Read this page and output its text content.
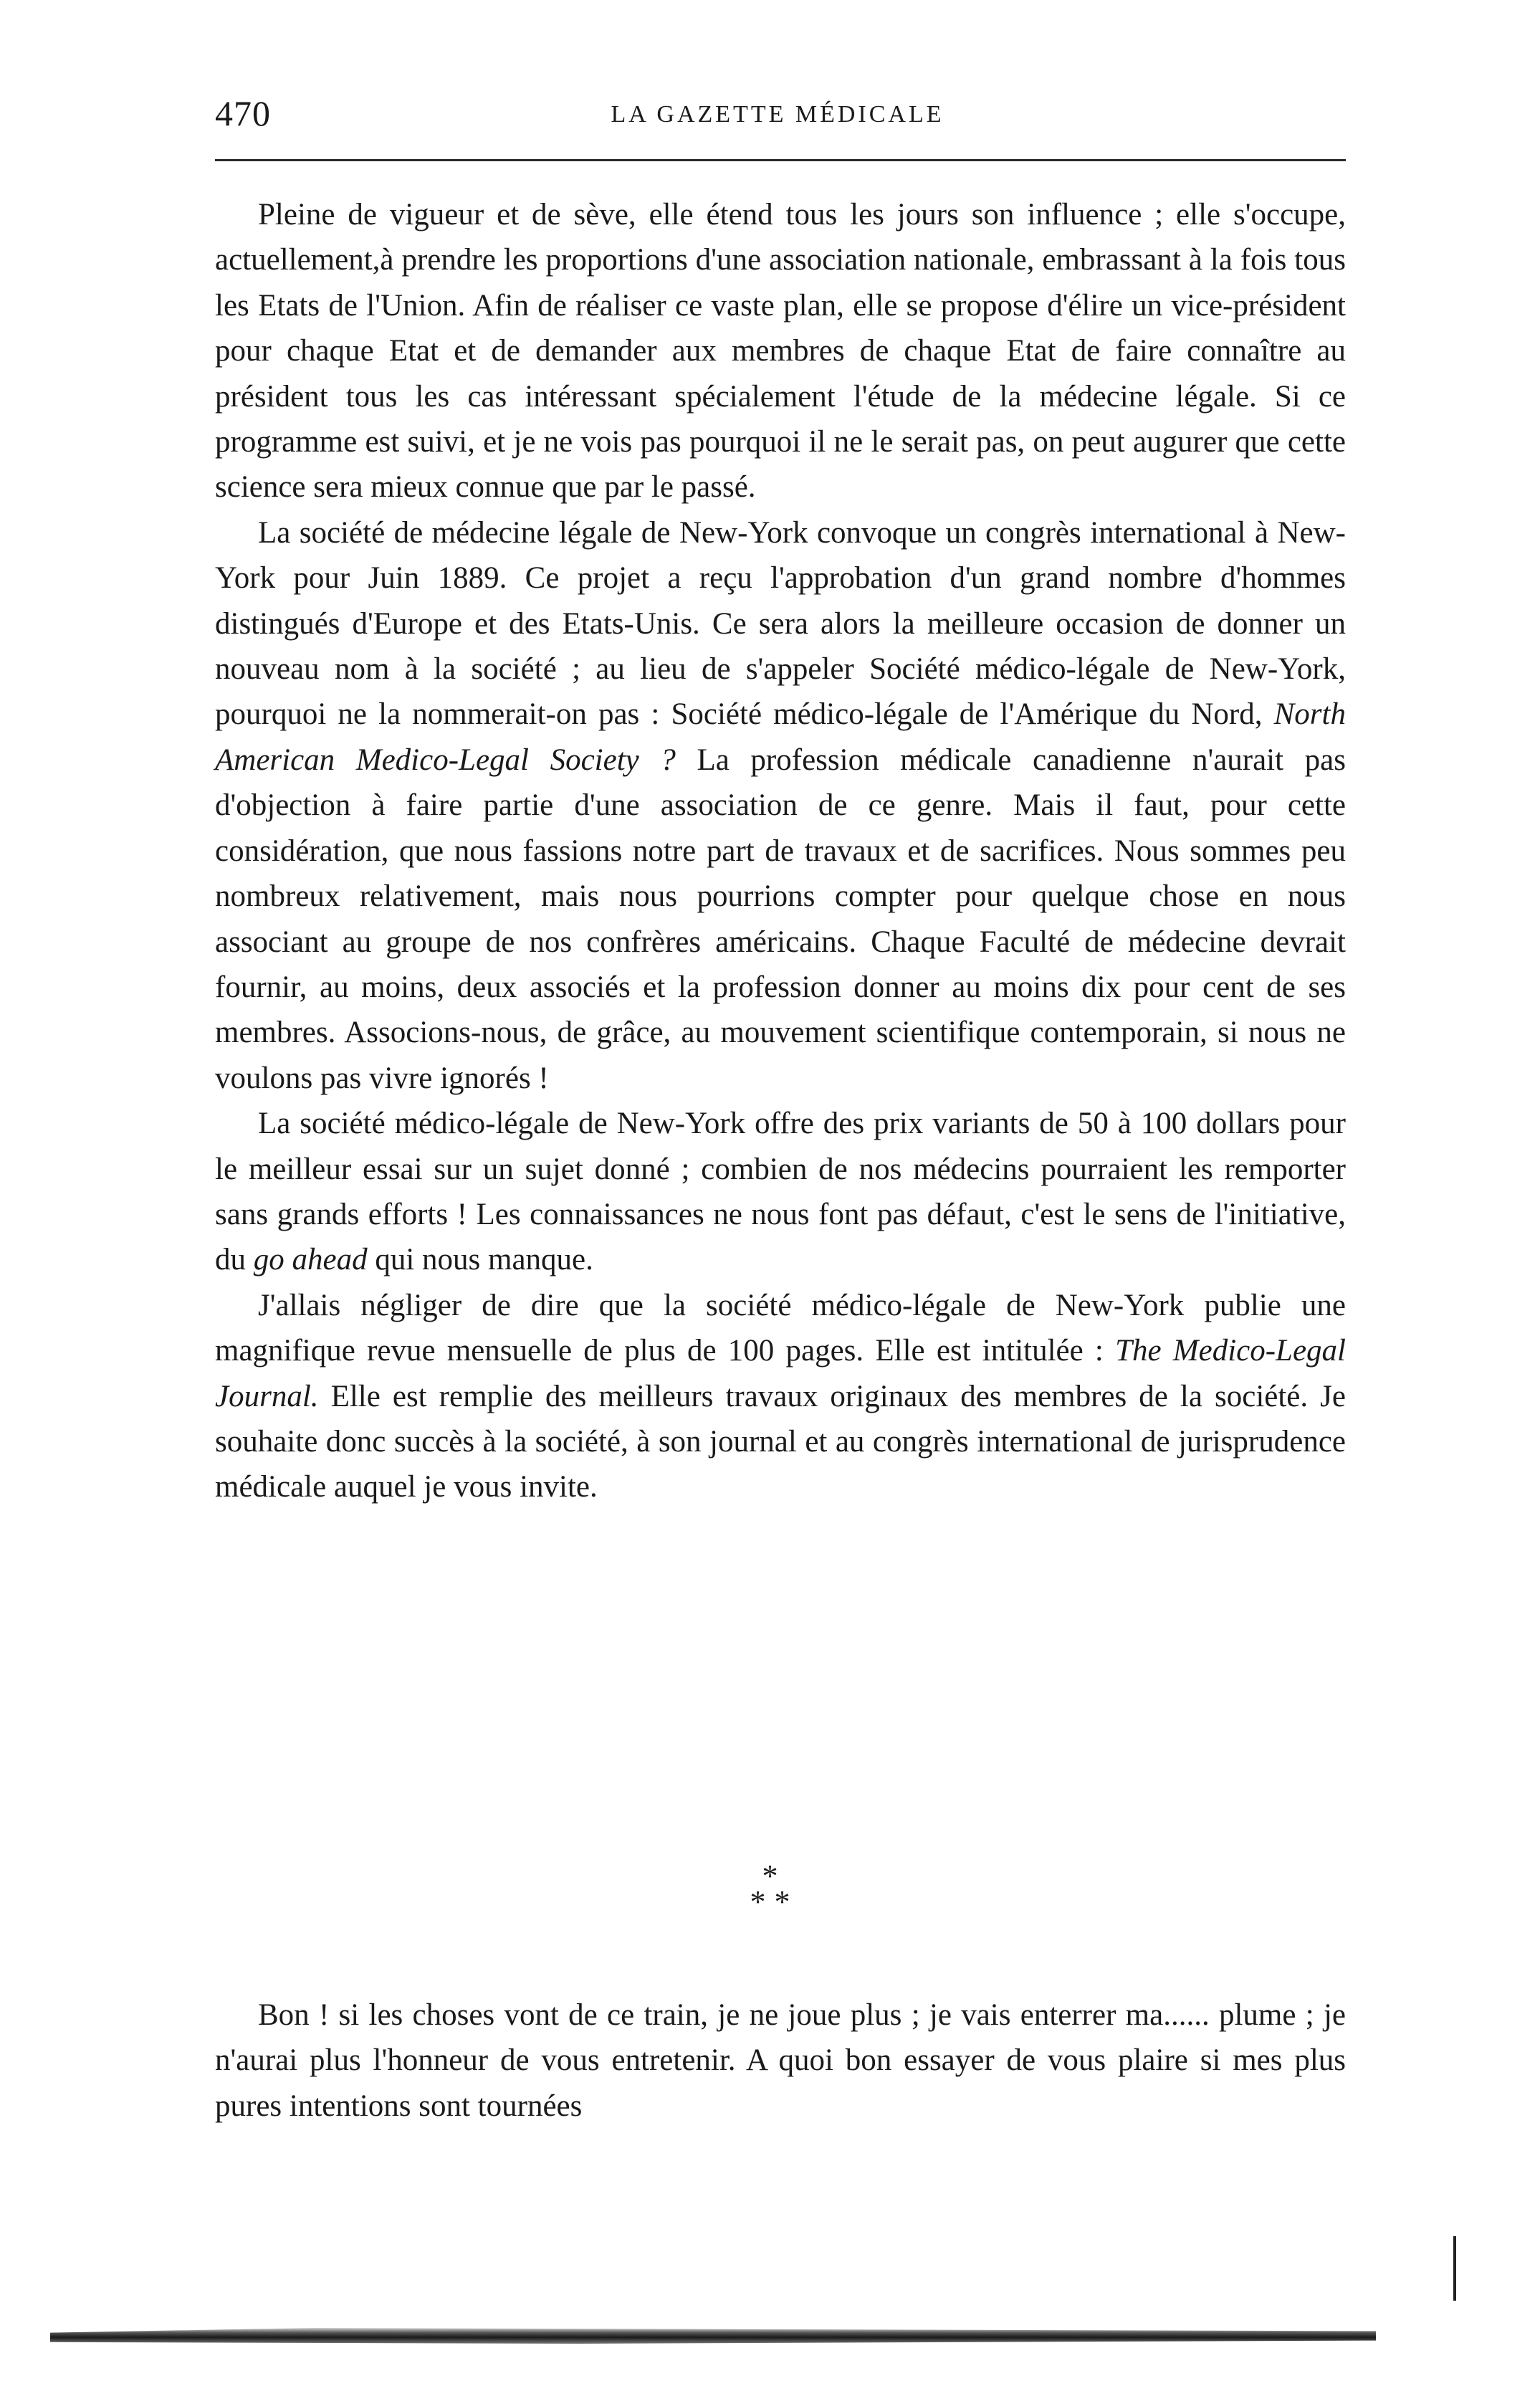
470	LA GAZETTE MÉDICALE

Pleine de vigueur et de sève, elle étend tous les jours son influence ; elle s'occupe, actuellement,à prendre les proportions d'une association nationale, embrassant à la fois tous les Etats de l'Union. Afin de réaliser ce vaste plan, elle se propose d'élire un vice-président pour chaque Etat et de demander aux membres de chaque Etat de faire connaître au président tous les cas intéressant spécialement l'étude de la médecine légale. Si ce programme est suivi, et je ne vois pas pourquoi il ne le serait pas, on peut augurer que cette science sera mieux connue que par le passé.

La société de médecine légale de New-York convoque un congrès international à New-York pour Juin 1889. Ce projet a reçu l'approbation d'un grand nombre d'hommes distingués d'Europe et des Etats-Unis. Ce sera alors la meilleure occasion de donner un nouveau nom à la société ; au lieu de s'appeler Société médico-légale de New-York, pourquoi ne la nommerait-on pas : Société médico-légale de l'Amérique du Nord, North American Medico-Legal Society ? La profession médicale canadienne n'aurait pas d'objection à faire partie d'une association de ce genre. Mais il faut, pour cette considération, que nous fassions notre part de travaux et de sacrifices. Nous sommes peu nombreux relativement, mais nous pourrions compter pour quelque chose en nous associant au groupe de nos confrères américains. Chaque Faculté de médecine devrait fournir, au moins, deux associés et la profession donner au moins dix pour cent de ses membres. Associons-nous, de grâce, au mouvement scientifique contemporain, si nous ne voulons pas vivre ignorés !

La société médico-légale de New-York offre des prix variants de 50 à 100 dollars pour le meilleur essai sur un sujet donné ; combien de nos médecins pourraient les remporter sans grands efforts ! Les connaissances ne nous font pas défaut, c'est le sens de l'initiative, du go ahead qui nous manque.

J'allais négliger de dire que la société médico-légale de New-York publie une magnifique revue mensuelle de plus de 100 pages. Elle est intitulée : The Medico-Legal Journal. Elle est remplie des meilleurs travaux originaux des membres de la société. Je souhaite donc succès à la société, à son journal et au congrès international de jurisprudence médicale auquel je vous invite.

*
**

Bon ! si les choses vont de ce train, je ne joue plus ; je vais enterrer ma...... plume ; je n'aurai plus l'honneur de vous entretenir. A quoi bon essayer de vous plaire si mes plus pures intentions sont tournées
